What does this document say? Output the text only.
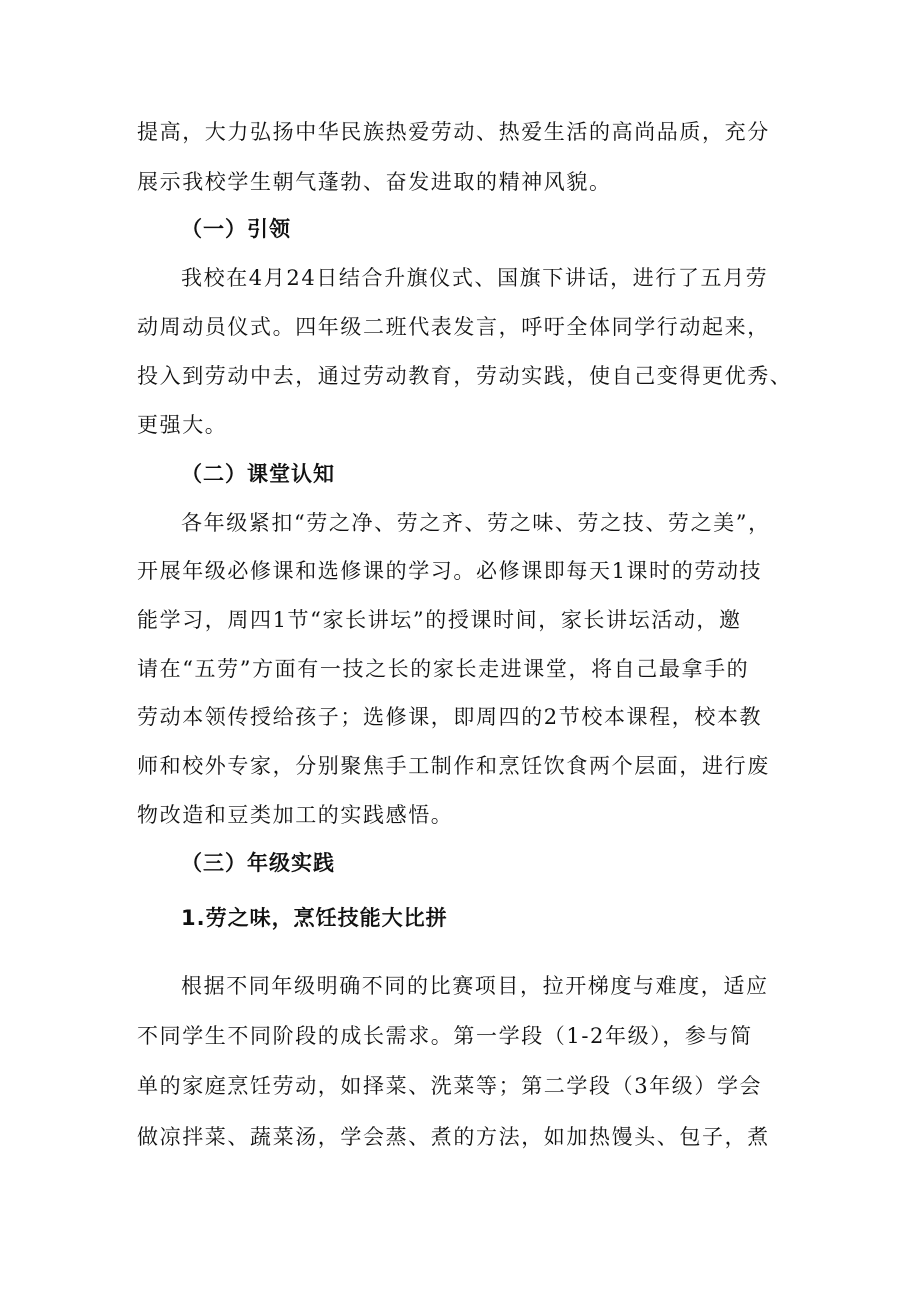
提高，大力弘扬中华民族热爱劳动、热爱生活的高尚品质，充分
展示我校学生朝气蓬勃、奋发进取的精神风貌。
（一）引领
我校在4月24日结合升旗仪式、国旗下讲话，进行了五月劳
动周动员仪式。四年级二班代表发言，呼吁全体同学行动起来，
投入到劳动中去，通过劳动教育，劳动实践，使自己变得更优秀、
更强大。
（二）课堂认知
各年级紧扣“劳之净、劳之齐、劳之味、劳之技、劳之美”，
开展年级必修课和选修课的学习。必修课即每天1课时的劳动技
能学习，周四1节“家长讲坛”的授课时间，家长讲坛活动，邀
请在“五劳”方面有一技之长的家长走进课堂，将自己最拿手的
劳动本领传授给孩子；选修课，即周四的2节校本课程，校本教
师和校外专家，分别聚焦手工制作和烹饪饮食两个层面，进行废
物改造和豆类加工的实践感悟。
（三）年级实践
1.劳之味，烹饪技能大比拼
根据不同年级明确不同的比赛项目，拉开梯度与难度，适应
不同学生不同阶段的成长需求。第一学段（1-2年级），参与简
单的家庭烹饪劳动，如择菜、洗菜等；第二学段（3年级）学会
做凉拌菜、蔬菜汤，学会蒸、煮的方法，如加热馒头、包子，煮
